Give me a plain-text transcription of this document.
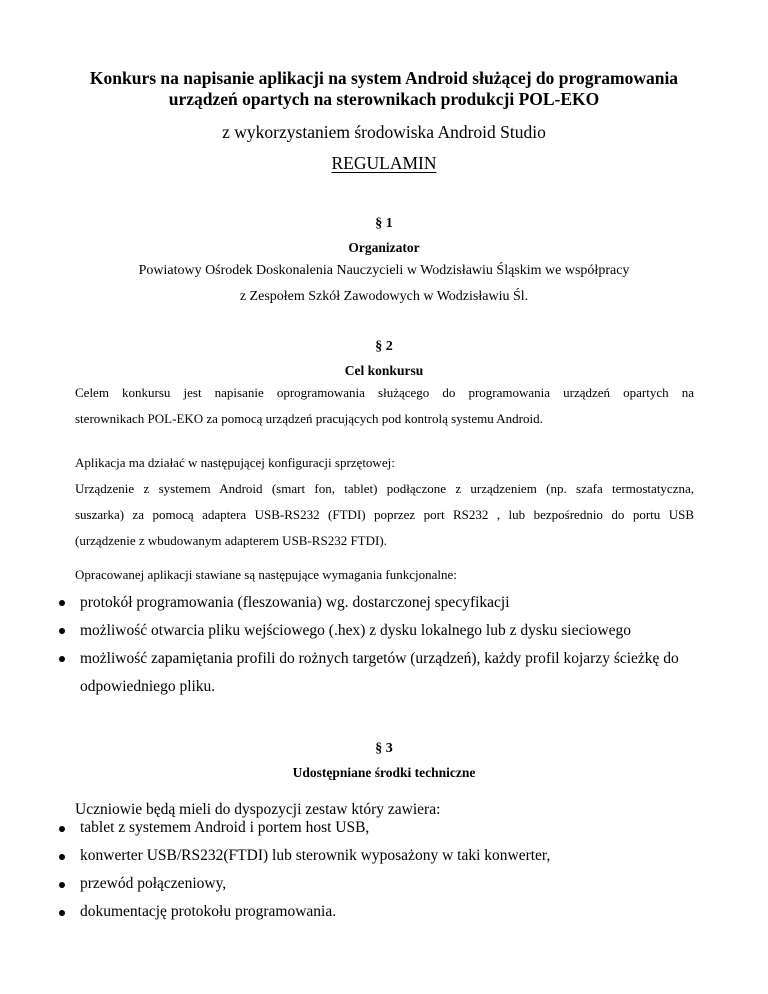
Konkurs na napisanie aplikacji na system Android służącej do programowania
urządzeń opartych na sterownikach produkcji POL-EKO
z wykorzystaniem środowiska Android Studio
REGULAMIN
§ 1
Organizator
Powiatowy Ośrodek Doskonalenia Nauczycieli w Wodzisławiu Śląskim we współpracy
z Zespołem Szkół Zawodowych w Wodzisławiu Śl.
§ 2
Cel konkursu
Celem konkursu jest napisanie oprogramowania służącego do programowania urządzeń opartych na
sterownikach POL-EKO za pomocą urządzeń pracujących pod kontrolą systemu Android.
Aplikacja ma działać w następującej konfiguracji sprzętowej:
Urządzenie z systemem Android (smart fon, tablet) podłączone z urządzeniem (np. szafa termostatyczna,
suszarka) za pomocą adaptera USB-RS232 (FTDI) poprzez port RS232 , lub bezpośrednio do portu USB
(urządzenie z wbudowanym adapterem USB-RS232 FTDI).
Opracowanej aplikacji stawiane są następujące wymagania funkcjonalne:
protokół programowania (fleszowania) wg. dostarczonej specyfikacji
możliwość otwarcia pliku wejściowego (.hex) z dysku lokalnego lub z dysku sieciowego
możliwość zapamiętania profili do rożnych targetów (urządzeń), każdy profil kojarzy ścieżkę do odpowiedniego pliku.
§ 3
Udostępniane środki techniczne
Uczniowie będą mieli do dyspozycji zestaw który zawiera:
tablet z systemem Android i portem host USB,
konwerter USB/RS232(FTDI) lub sterownik wyposażony w taki konwerter,
przewód połączeniowy,
dokumentację protokołu programowania.
